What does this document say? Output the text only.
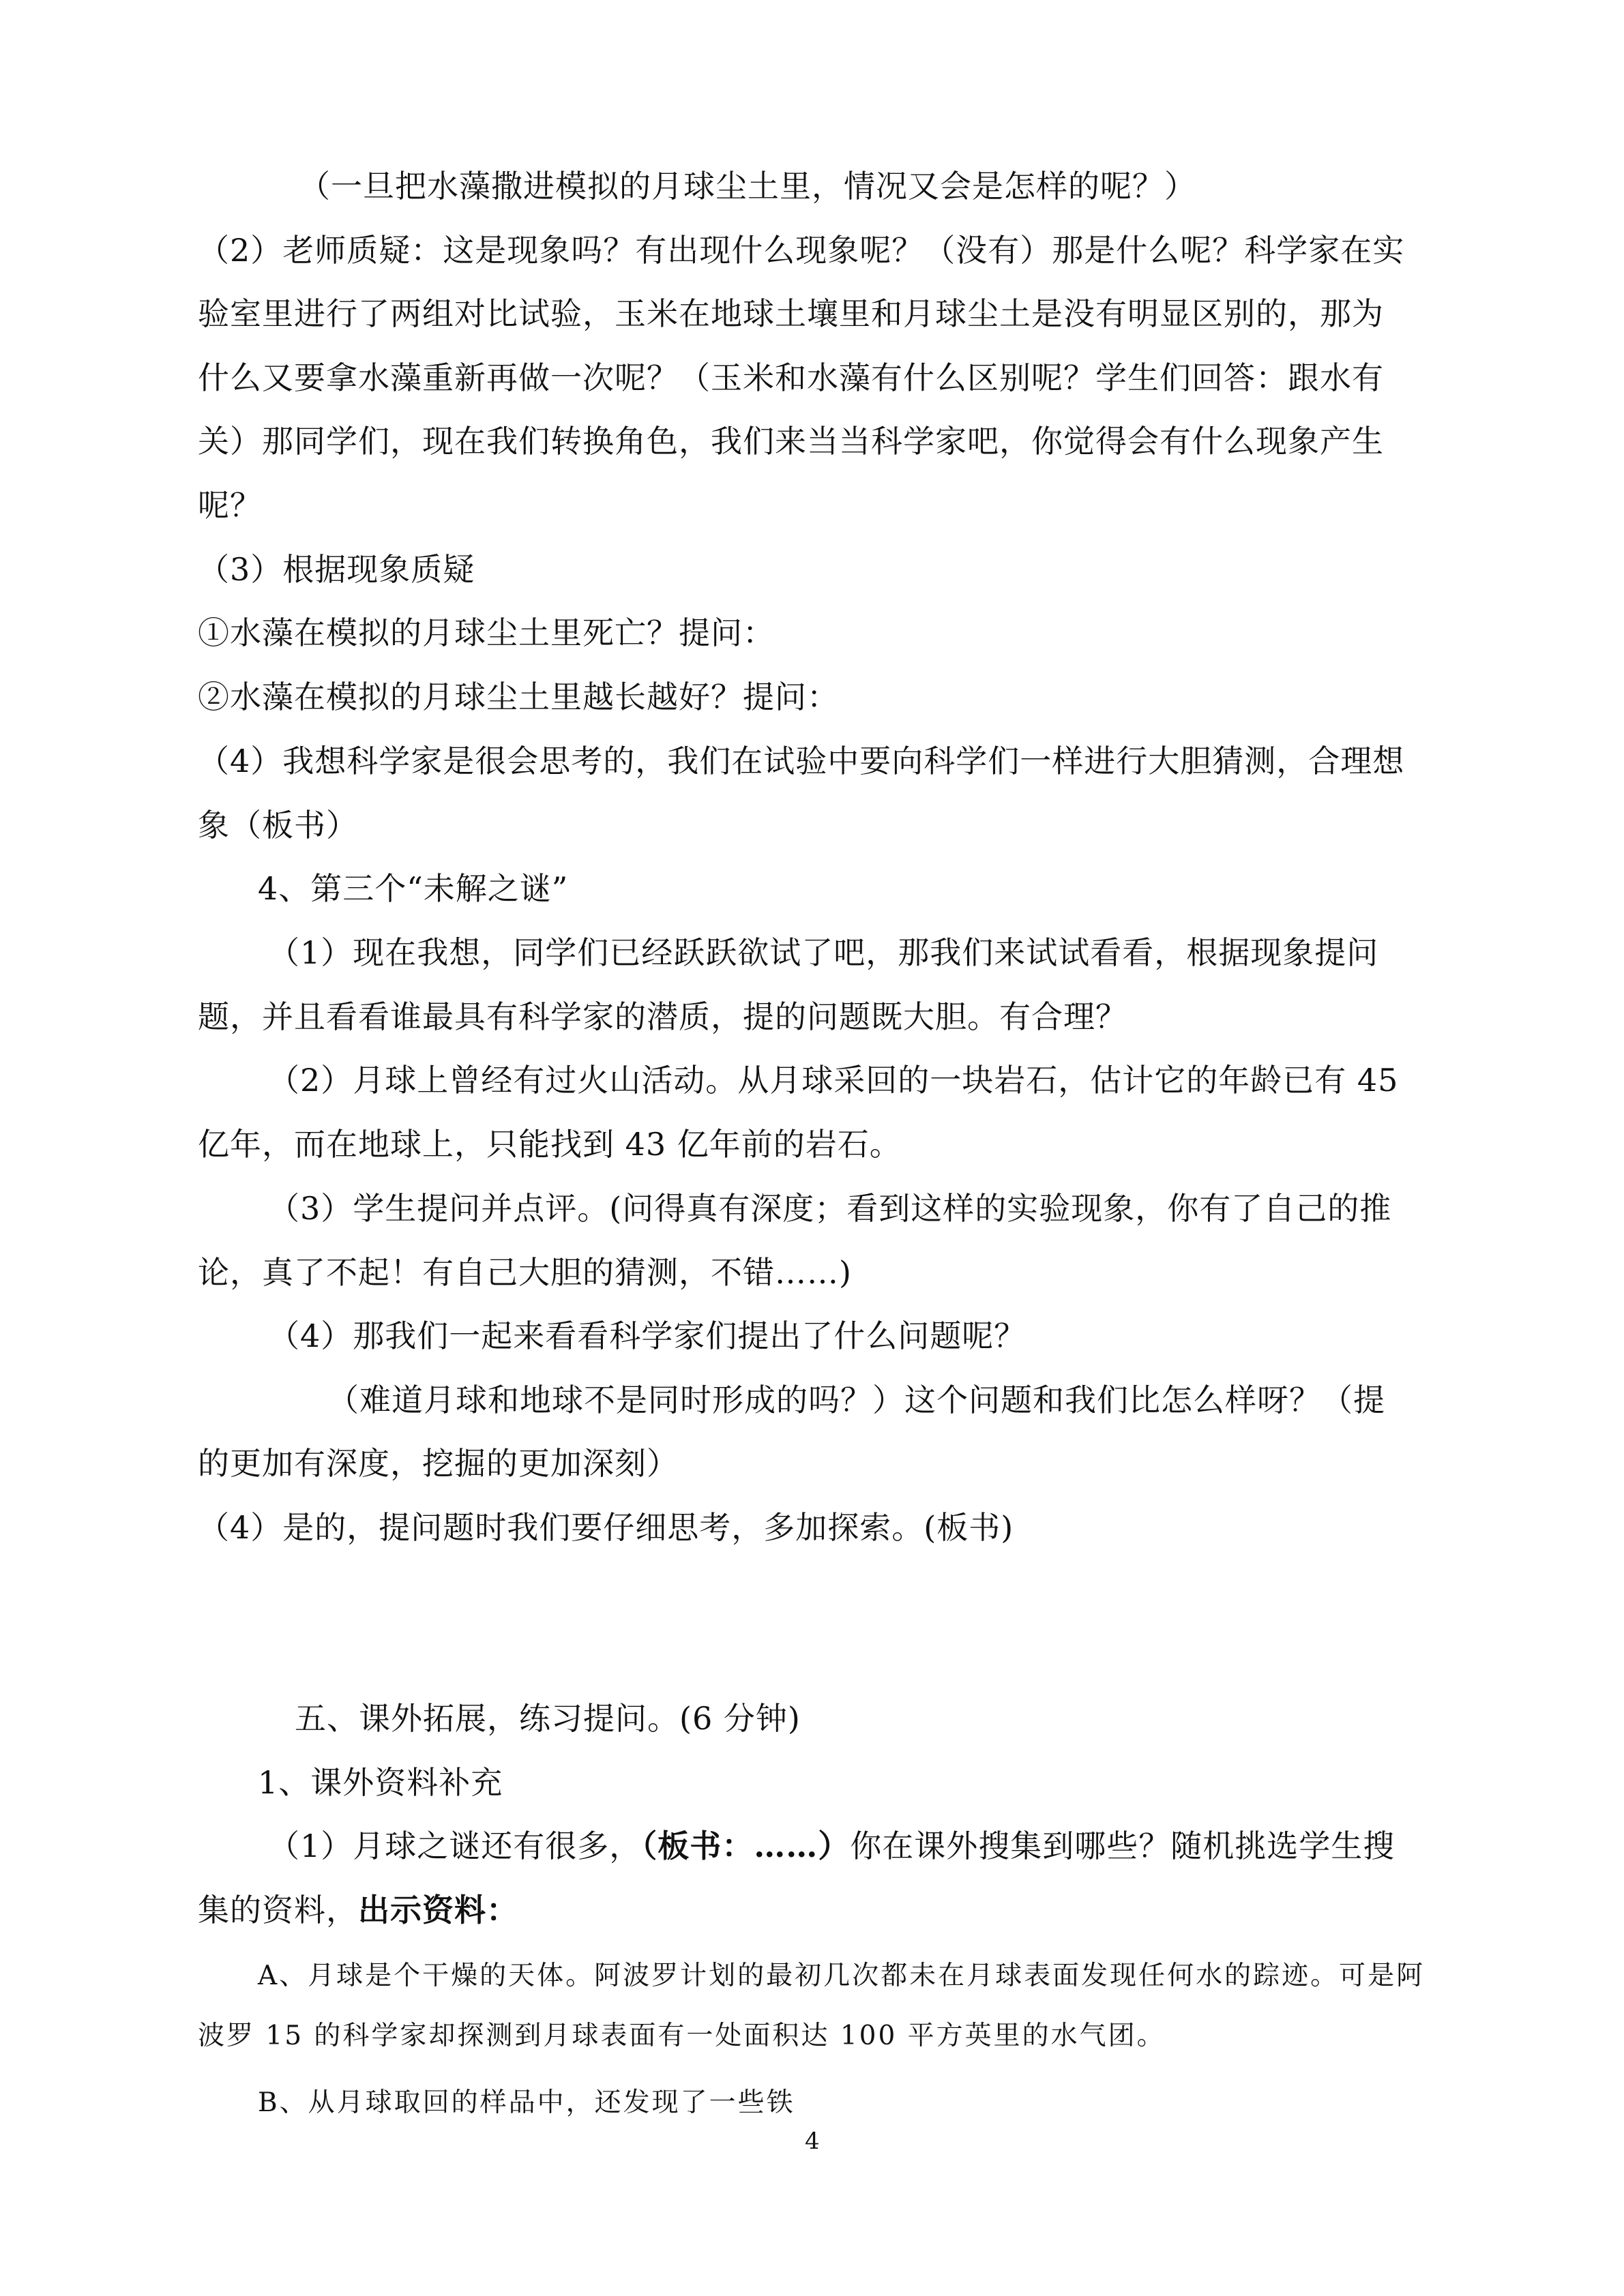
（一旦把水藻撒进模拟的月球尘土里，情况又会是怎样的呢？）
（2）老师质疑：这是现象吗？有出现什么现象呢？（没有）那是什么呢？科学家在实
验室里进行了两组对比试验，玉米在地球土壤里和月球尘土是没有明显区别的，那为
什么又要拿水藻重新再做一次呢？（玉米和水藻有什么区别呢？学生们回答：跟水有
关）那同学们，现在我们转换角色，我们来当当科学家吧，你觉得会有什么现象产生
呢？
（3）根据现象质疑
①水藻在模拟的月球尘土里死亡？提问：
②水藻在模拟的月球尘土里越长越好？提问：
（4）我想科学家是很会思考的，我们在试验中要向科学们一样进行大胆猜测，合理想
象（板书）
4、第三个“未解之谜”
（1）现在我想，同学们已经跃跃欲试了吧，那我们来试试看看，根据现象提问
题，并且看看谁最具有科学家的潜质，提的问题既大胆。有合理？
（2）月球上曾经有过火山活动。从月球采回的一块岩石，估计它的年龄已有 45
亿年，而在地球上，只能找到 43 亿年前的岩石。
（3）学生提问并点评。(问得真有深度；看到这样的实验现象，你有了自己的推
论，真了不起！有自己大胆的猜测，不错……)
（4）那我们一起来看看科学家们提出了什么问题呢？
（难道月球和地球不是同时形成的吗？）这个问题和我们比怎么样呀？（提
的更加有深度，挖掘的更加深刻）
（4）是的，提问题时我们要仔细思考，多加探索。(板书)
五、课外拓展，练习提问。(6 分钟)
1、课外资料补充
（1）月球之谜还有很多，（板书：……）你在课外搜集到哪些？随机挑选学生搜
集的资料，出示资料：
A、月球是个干燥的天体。阿波罗计划的最初几次都未在月球表面发现任何水的踪迹。可是阿
波罗 15 的科学家却探测到月球表面有一处面积达 100 平方英里的水气团。
B、从月球取回的样品中，还发现了一些铁
4
